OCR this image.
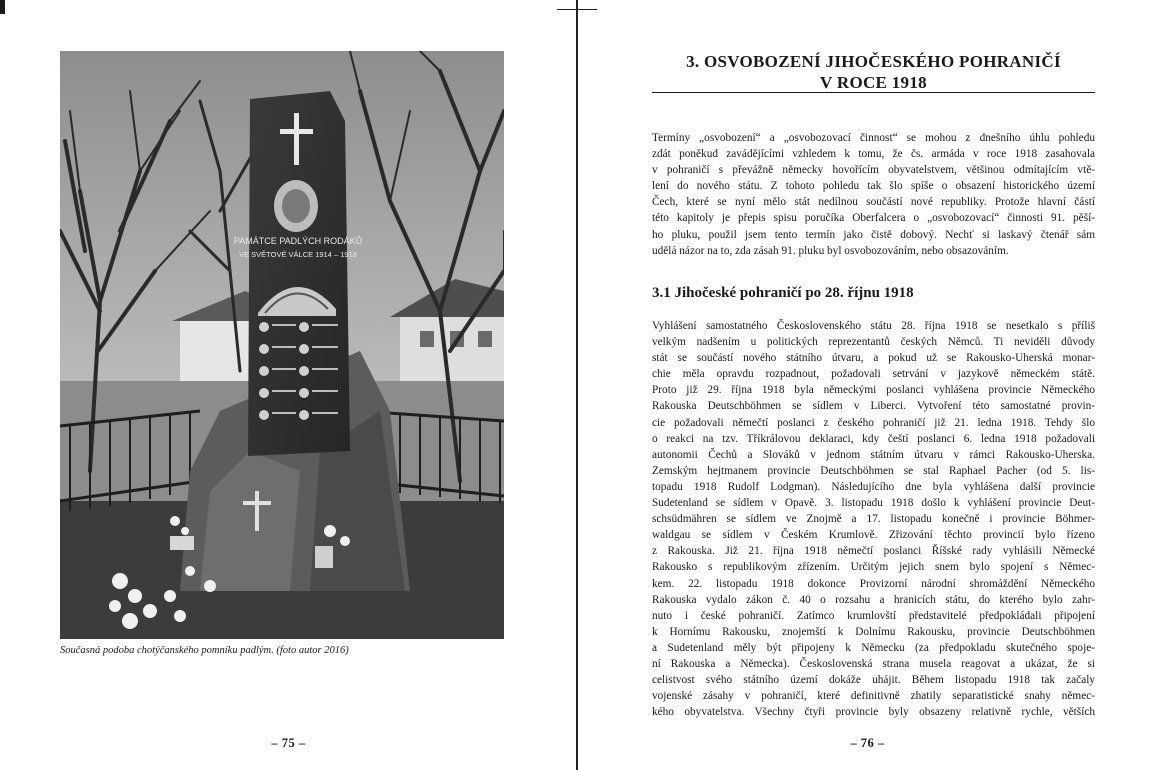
PAMÁTCE PADLÝCH RODÁKŮ
VE SVĚTOVÉ VÁLCE 1914 – 1918
Současná podoba chotýčanského pomníku padlým. (foto autor 2016)
– 75 –
3. OSVOBOZENÍ JIHOČESKÉHO POHRANIČÍ
V ROCE 1918
Termíny „osvobození“ a „osvobozovací činnost“ se mohou z dnešního úhlu pohledu
zdát poněkud zavádějícími vzhledem k tomu, že čs. armáda v roce 1918 zasahovala
v pohraničí s převážně německy hovořícím obyvatelstvem, většinou odmítajícím vtě-
lení do nového státu. Z tohoto pohledu tak šlo spíše o obsazení historického území
Čech, které se nyní mělo stát nedílnou součástí nové republiky. Protože hlavní částí
této kapitoly je přepis spisu poručíka Oberfalcera o „osvobozovací“ činnosti 91. pěší-
ho pluku, použil jsem tento termín jako čistě dobový. Nechť si laskavý čtenář sám
udělá názor na to, zda zásah 91. pluku byl osvobozováním, nebo obsazováním.
3.1 Jihočeské pohraničí po 28. říjnu 1918
Vyhlášení samostatného Československého státu 28. října 1918 se nesetkalo s příliš
velkým nadšením u politických reprezentantů českých Němců. Ti neviděli důvody
stát se součástí nového státního útvaru, a pokud už se Rakousko-Uherská monar-
chie měla opravdu rozpadnout, požadovali setrvání v jazykově německém státě.
Proto již 29. října 1918 byla německými poslanci vyhlášena provincie Německého
Rakouska Deutschböhmen se sídlem v Liberci. Vytvoření této samostatné provin-
cie požadovali němečtí poslanci z českého pohraničí již 21. ledna 1918. Tehdy šlo
o reakci na tzv. Tříkrálovou deklaraci, kdy čeští poslanci 6. ledna 1918 požadovali
autonomii Čechů a Slováků v jednom státním útvaru v rámci Rakousko-Uherska.
Zemským hejtmanem provincie Deutschböhmen se stal Raphael Pacher (od 5. lis-
topadu 1918 Rudolf Lodgman). Následujícího dne byla vyhlášena další provincie
Sudetenland se sídlem v Opavě. 3. listopadu 1918 došlo k vyhlášení provincie Deut-
schsüdmähren se sídlem ve Znojmě a 17. listopadu konečně i provincie Böhmer-
waldgau se sídlem v Českém Krumlově. Zřizování těchto provincií bylo řízeno
z Rakouska. Již 21. října 1918 němečtí poslanci Říšské rady vyhlásili Německé
Rakousko s republikovým zřízením. Určitým jejich snem bylo spojení s Němec-
kem. 22. listopadu 1918 dokonce Provizorní národní shromáždění Německého
Rakouska vydalo zákon č. 40 o rozsahu a hranicích státu, do kterého bylo zahr-
nuto i české pohraničí. Zatímco krumlovští představitelé předpokládali připojení
k Hornímu Rakousku, znojemští k Dolnímu Rakousku, provincie Deutschböhmen
a Sudetenland měly být připojeny k Německu (za předpokladu skutečného spoje-
ní Rakouska a Německa). Československá strana musela reagovat a ukázat, že si
celistvost svého státního území dokáže uhájit. Během listopadu 1918 tak začaly
vojenské zásahy v pohraničí, které definitivně zhatily separatistické snahy němec-
kého obyvatelstva. Všechny čtyři provincie byly obsazeny relativně rychle, větších
– 76 –
